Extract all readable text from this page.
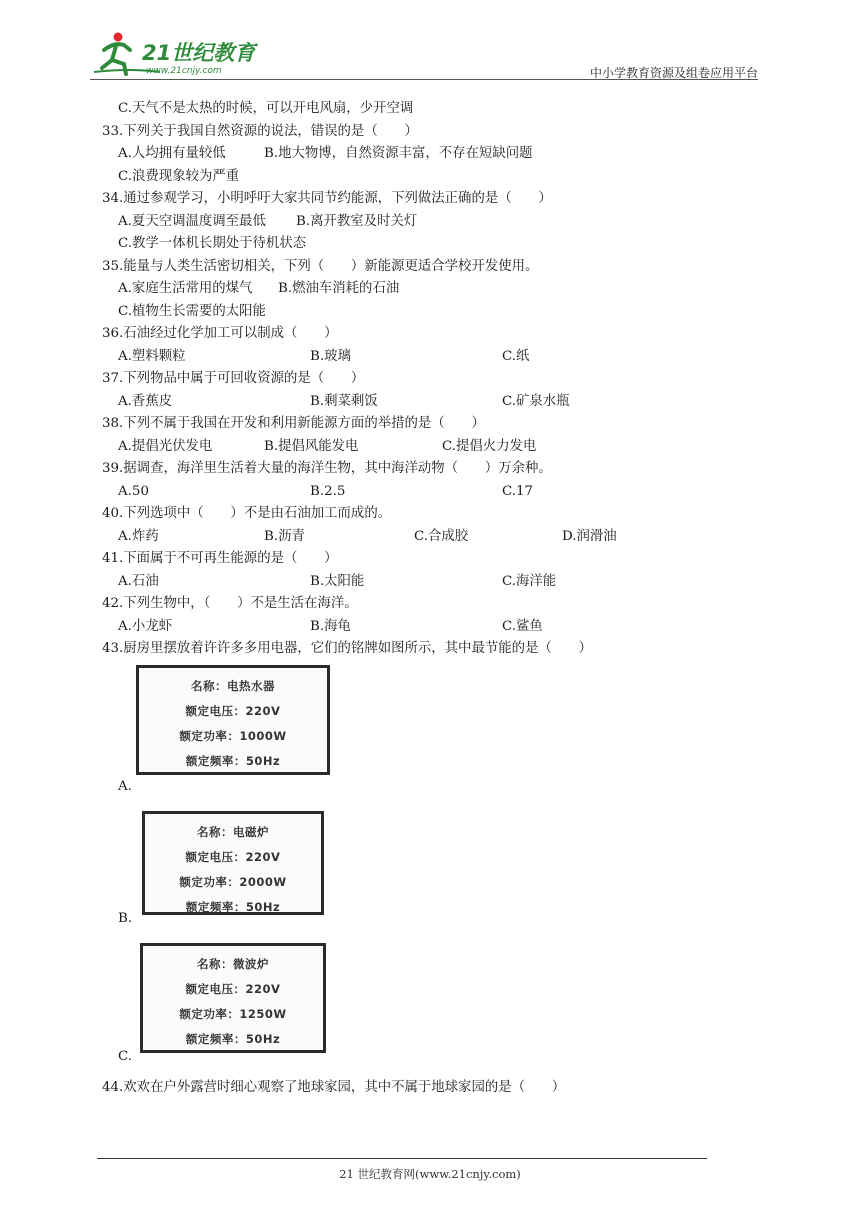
21世纪教育
www.21cnjy.com	中小学教育资源及组卷应用平台
C.天气不是太热的时候，可以开电风扇，少开空调
33.下列关于我国自然资源的说法，错误的是（　　）
A.人均拥有量较低	B.地大物博，自然资源丰富，不存在短缺问题
C.浪费现象较为严重
34.通过参观学习，小明呼吁大家共同节约能源，下列做法正确的是（　　）
A.夏天空调温度调至最低	B.离开教室及时关灯
C.教学一体机长期处于待机状态
35.能量与人类生活密切相关，下列（　　）新能源更适合学校开发使用。
A.家庭生活常用的煤气	B.燃油车消耗的石油
C.植物生长需要的太阳能
36.石油经过化学加工可以制成（　　）
A.塑料颗粒	B.玻璃	C.纸
37.下列物品中属于可回收资源的是（　　）
A.香蕉皮	B.剩菜剩饭	C.矿泉水瓶
38.下列不属于我国在开发和利用新能源方面的举措的是（　　）
A.提倡光伏发电	B.提倡风能发电	C.提倡火力发电
39.据调查，海洋里生活着大量的海洋生物，其中海洋动物（　　）万余种。
A.50	B.2.5	C.17
40.下列选项中（　　）不是由石油加工而成的。
A.炸药	B.沥青	C.合成胶	D.润滑油
41.下面属于不可再生能源的是（　　）
A.石油	B.太阳能	C.海洋能
42.下列生物中，（　　）不是生活在海洋。
A.小龙虾	B.海龟	C.鲨鱼
43.厨房里摆放着许许多多用电器，它们的铭牌如图所示，其中最节能的是（　　）
名称：电热水器
额定电压：220V
额定功率：1000W
额定频率：50Hz
A.
名称：电磁炉
额定电压：220V
额定功率：2000W
额定频率：50Hz
B.
名称：微波炉
额定电压：220V
额定功率：1250W
额定频率：50Hz
C.
44.欢欢在户外露营时细心观察了地球家园，其中不属于地球家园的是（　　）
21 世纪教育网(www.21cnjy.com)
